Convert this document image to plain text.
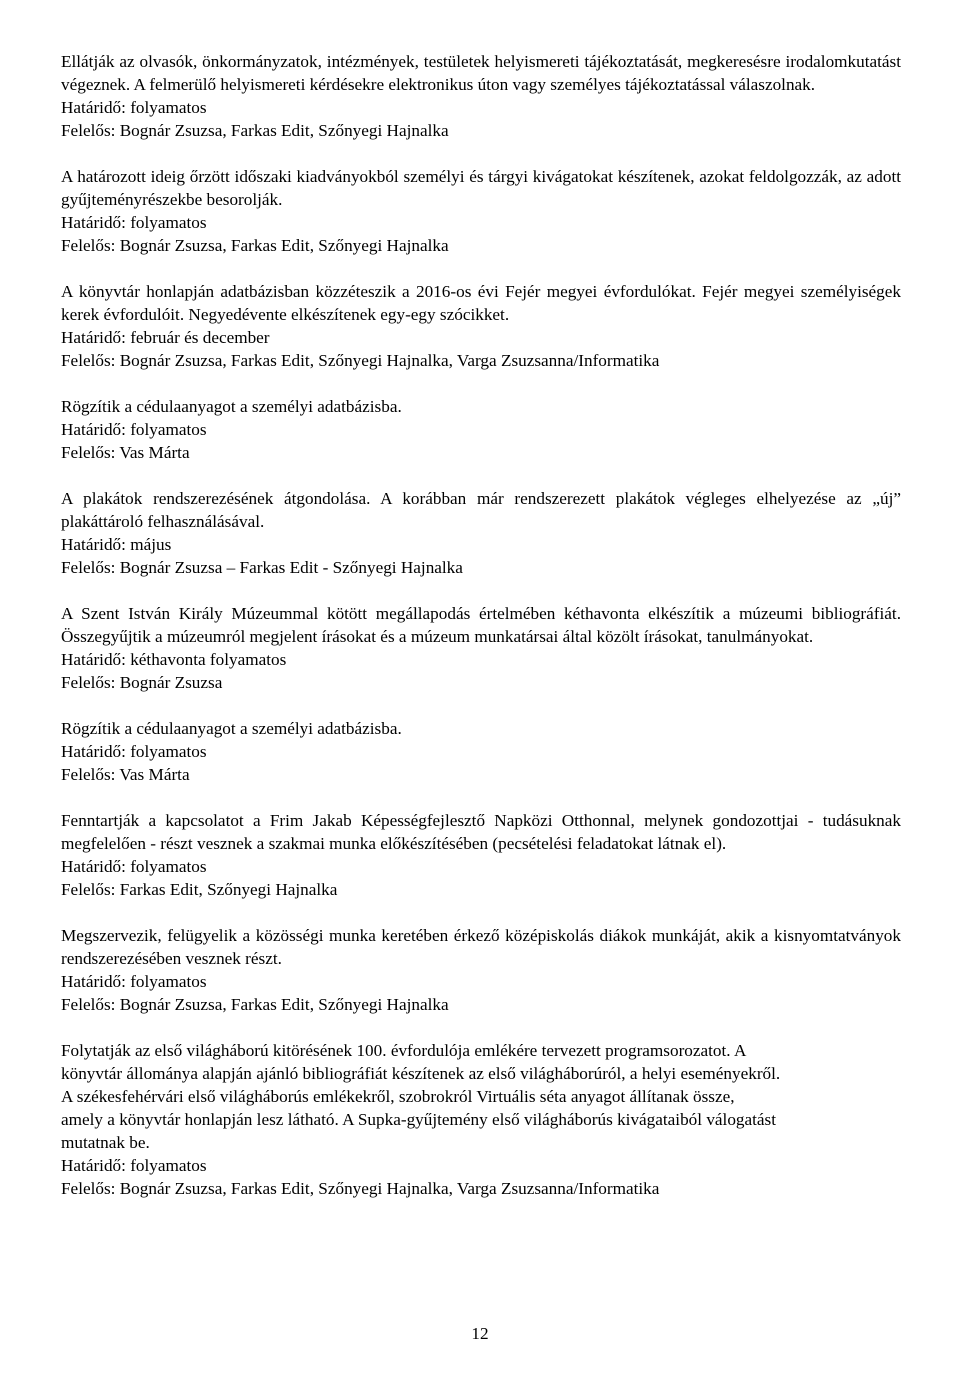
Ellátják az olvasók, önkormányzatok, intézmények, testületek helyismereti tájékoztatását, megkeresésre irodalomkutatást végeznek. A felmerülő helyismereti kérdésekre elektronikus úton vagy személyes tájékoztatással válaszolnak.

Határidő: folyamatos

Felelős: Bognár Zsuzsa, Farkas Edit, Szőnyegi Hajnalka

A határozott ideig őrzött időszaki kiadványokból személyi és tárgyi kivágatokat készítenek, azokat feldolgozzák, az adott gyűjteményrészekbe besorolják.

Határidő: folyamatos

Felelős: Bognár Zsuzsa, Farkas Edit, Szőnyegi Hajnalka

A könyvtár honlapján adatbázisban közzéteszik a 2016-os évi Fejér megyei évfordulókat. Fejér megyei személyiségek kerek évfordulóit. Negyedévente elkészítenek egy-egy szócikket.

Határidő: február és december

Felelős: Bognár Zsuzsa, Farkas Edit, Szőnyegi Hajnalka, Varga Zsuzsanna/Informatika

Rögzítik a cédulaanyagot a személyi adatbázisba.

Határidő: folyamatos

Felelős: Vas Márta

A plakátok rendszerezésének átgondolása. A korábban már rendszerezett plakátok végleges elhelyezése az „új” plakáttároló felhasználásával.

Határidő: május

Felelős: Bognár Zsuzsa – Farkas Edit - Szőnyegi Hajnalka

A Szent István Király Múzeummal kötött megállapodás értelmében kéthavonta elkészítik a múzeumi bibliográfiát. Összegyűjtik a múzeumról megjelent írásokat és a múzeum munkatársai által közölt írásokat, tanulmányokat.

Határidő: kéthavonta folyamatos

Felelős: Bognár Zsuzsa

Rögzítik a cédulaanyagot a személyi adatbázisba.

Határidő: folyamatos

Felelős: Vas Márta

Fenntartják a kapcsolatot a Frim Jakab Képességfejlesztő Napközi Otthonnal, melynek gondozottjai - tudásuknak megfelelően - részt vesznek a szakmai munka előkészítésében (pecsételési feladatokat látnak el).

Határidő: folyamatos

Felelős: Farkas Edit, Szőnyegi Hajnalka

Megszervezik, felügyelik a közösségi munka keretében érkező középiskolás diákok munkáját, akik a kisnyomtatványok rendszerezésében vesznek részt.

Határidő: folyamatos

Felelős: Bognár Zsuzsa, Farkas Edit, Szőnyegi Hajnalka

Folytatják az első világháború kitörésének 100. évfordulója emlékére tervezett programsorozatot. A

könyvtár állománya alapján ajánló bibliográfiát készítenek az első világháborúról, a helyi eseményekről.

A székesfehérvári első világháborús emlékekről, szobrokról Virtuális séta anyagot állítanak össze,

amely a könyvtár honlapján lesz látható. A Supka-gyűjtemény első világháborús kivágataiból válogatást

mutatnak be.

Határidő: folyamatos

Felelős: Bognár Zsuzsa, Farkas Edit, Szőnyegi Hajnalka, Varga Zsuzsanna/Informatika

12
